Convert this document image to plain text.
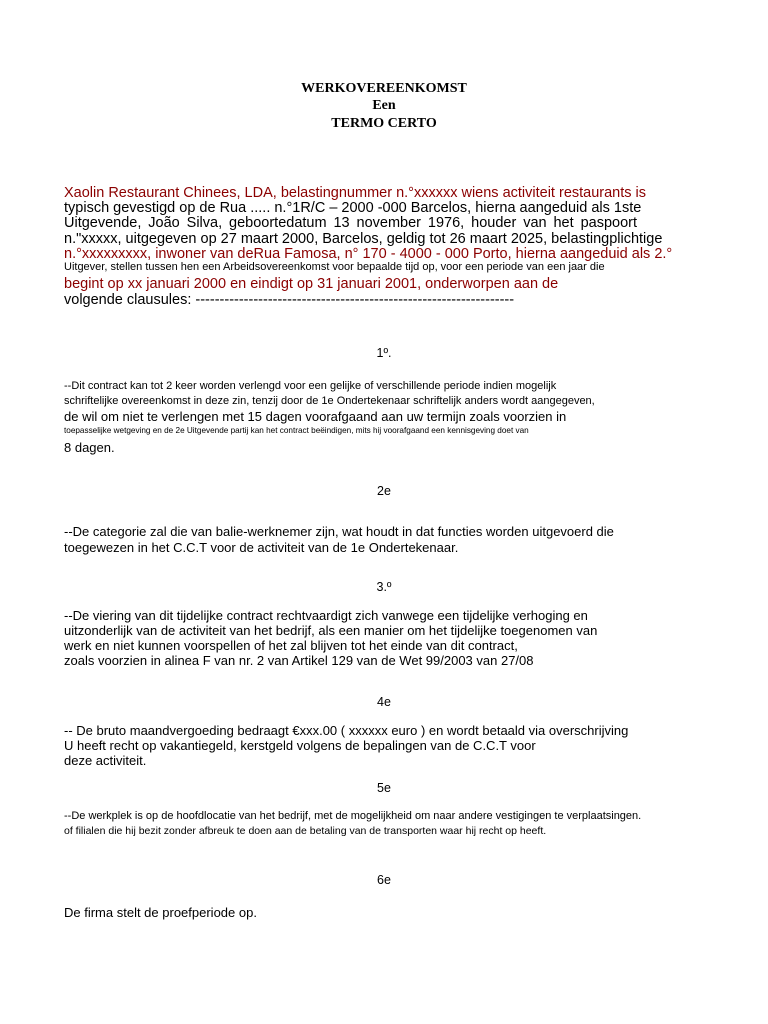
WERKOVEREENKOMST
Een
TERMO CERTO
Xaolin Restaurant Chinees, LDA, belastingnummer n.°xxxxxx wiens activiteit restaurants is
typisch gevestigd op de Rua ..... n.°1R/C – 2000 -000 Barcelos, hierna aangeduid als 1ste
Uitgevende, João Silva, geboortedatum 13 november 1976, houder van het paspoort
n."xxxxx, uitgegeven op 27 maart 2000, Barcelos, geldig tot 26 maart 2025, belastingplichtige
n.°xxxxxxxxx, inwoner van deRua Famosa, n° 170 - 4000 - 000 Porto, hierna aangeduid als 2.°
Uitgever, stellen tussen hen een Arbeidsovereenkomst voor bepaalde tijd op, voor een periode van een jaar die
begint op xx januari 2000 en eindigt op 31 januari 2001, onderworpen aan de
volgende clausules: ------------------------------------------------------------------
1º.
--Dit contract kan tot 2 keer worden verlengd voor een gelijke of verschillende periode indien mogelijk
schriftelijke overeenkomst in deze zin, tenzij door de 1e Ondertekenaar schriftelijk anders wordt aangegeven,
de wil om niet te verlengen met 15 dagen voorafgaand aan uw termijn zoals voorzien in
toepasselijke wetgeving en de 2e Uitgevende partij kan het contract beëindigen, mits hij voorafgaand een kennisgeving doet van
8 dagen.
2e
--De categorie zal die van balie-werknemer zijn, wat houdt in dat functies worden uitgevoerd die
toegewezen in het C.C.T voor de activiteit van de 1e Ondertekenaar.
3.º
--De viering van dit tijdelijke contract rechtvaardigt zich vanwege een tijdelijke verhoging en
uitzonderlijk van de activiteit van het bedrijf, als een manier om het tijdelijke toegenomen van
werk en niet kunnen voorspellen of het zal blijven tot het einde van dit contract,
zoals voorzien in alinea F van nr. 2 van Artikel 129 van de Wet 99/2003 van 27/08
4e
-- De bruto maandvergoeding bedraagt €xxx.00 ( xxxxxx euro ) en wordt betaald via overschrijving
U heeft recht op vakantiegeld, kerstgeld volgens de bepalingen van de C.C.T voor
deze activiteit.
5e
--De werkplek is op de hoofdlocatie van het bedrijf, met de mogelijkheid om naar andere vestigingen te verplaatsingen.
of filialen die hij bezit zonder afbreuk te doen aan de betaling van de transporten waar hij recht op heeft.
6e
De firma stelt de proefperiode op.
